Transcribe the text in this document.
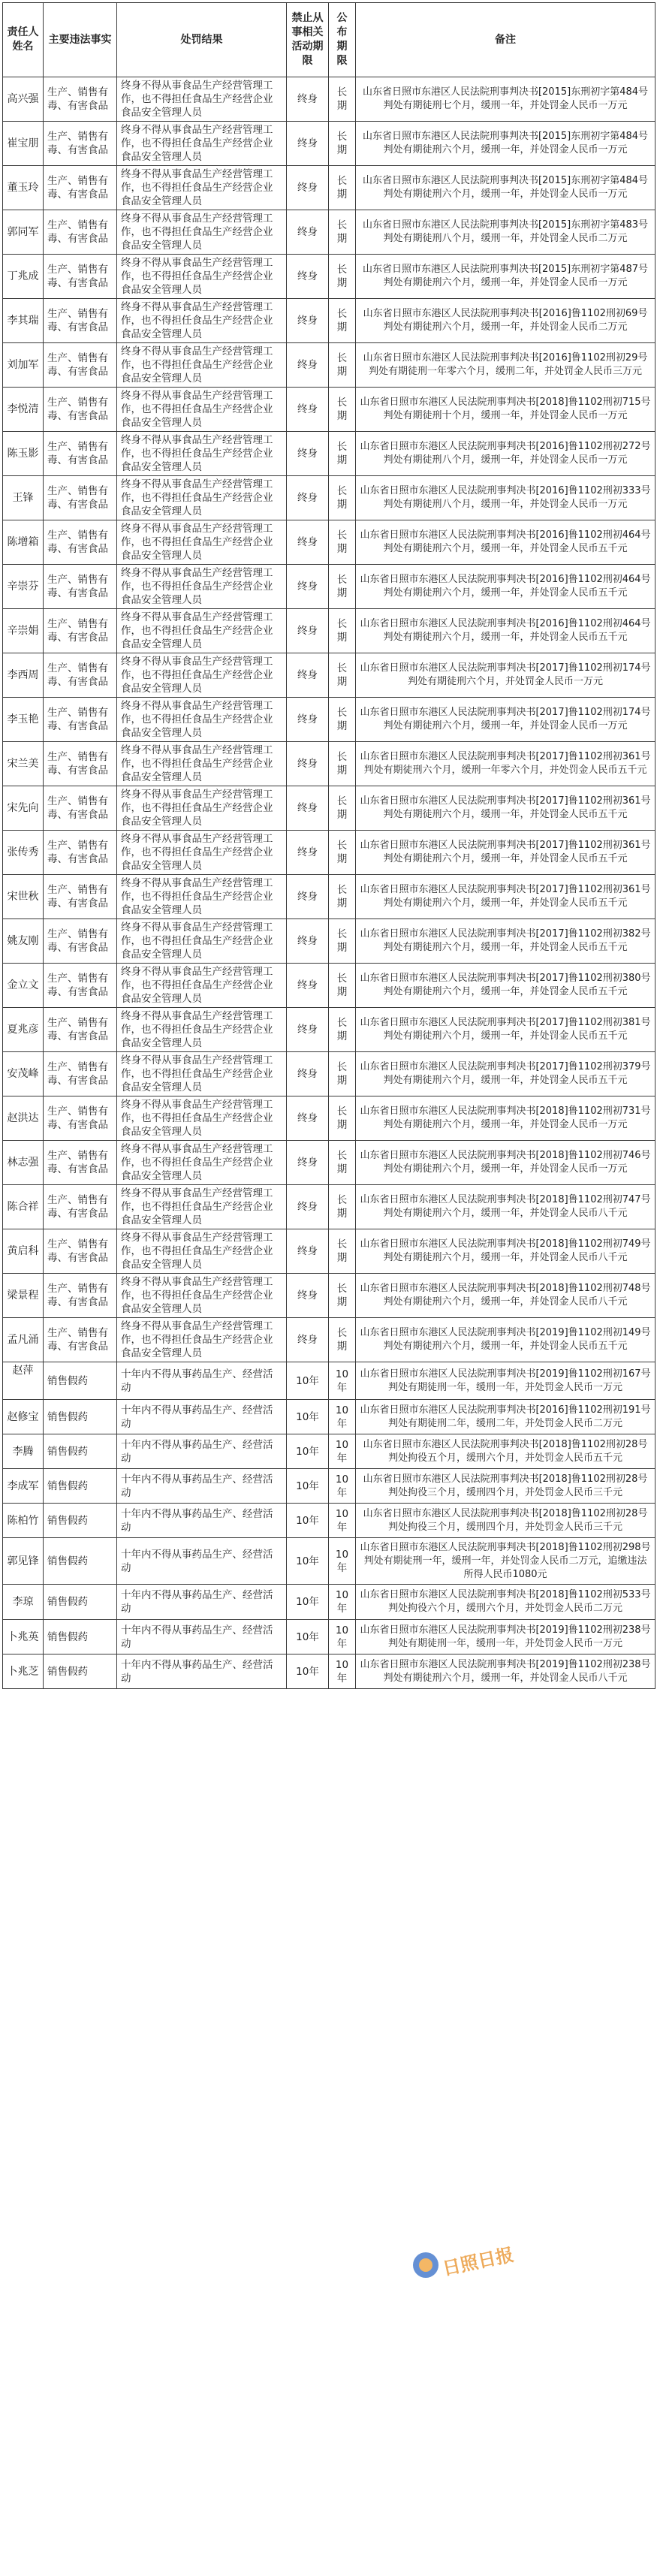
责任人姓名	主要违法事实	处罚结果	禁止从事相关活动期限	公布期限	备注
高兴强	生产、销售有毒、有害食品	终身不得从事食品生产经营管理工作，也不得担任食品生产经营企业食品安全管理人员	终身	长期	山东省日照市东港区人民法院刑事判决书[2015]东刑初字第484号判处有期徒刑七个月，缓刑一年，并处罚金人民币一万元
崔宝朋	生产、销售有毒、有害食品	终身不得从事食品生产经营管理工作，也不得担任食品生产经营企业食品安全管理人员	终身	长期	山东省日照市东港区人民法院刑事判决书[2015]东刑初字第484号判处有期徒刑六个月，缓刑一年，并处罚金人民币一万元
董玉玲	生产、销售有毒、有害食品	终身不得从事食品生产经营管理工作，也不得担任食品生产经营企业食品安全管理人员	终身	长期	山东省日照市东港区人民法院刑事判决书[2015]东刑初字第484号判处有期徒刑六个月，缓刑一年，并处罚金人民币一万元
郭同军	生产、销售有毒、有害食品	终身不得从事食品生产经营管理工作，也不得担任食品生产经营企业食品安全管理人员	终身	长期	山东省日照市东港区人民法院刑事判决书[2015]东刑初字第483号判处有期徒刑八个月，缓刑一年，并处罚金人民币二万元
丁兆成	生产、销售有毒、有害食品	终身不得从事食品生产经营管理工作，也不得担任食品生产经营企业食品安全管理人员	终身	长期	山东省日照市东港区人民法院刑事判决书[2015]东刑初字第487号判处有期徒刑六个月，缓刑一年，并处罚金人民币一万元
李其瑞	生产、销售有毒、有害食品	终身不得从事食品生产经营管理工作，也不得担任食品生产经营企业食品安全管理人员	终身	长期	山东省日照市东港区人民法院刑事判决书[2016]鲁1102刑初69号判处有期徒刑六个月，缓刑一年，并处罚金人民币二万元
刘加军	生产、销售有毒、有害食品	终身不得从事食品生产经营管理工作，也不得担任食品生产经营企业食品安全管理人员	终身	长期	山东省日照市东港区人民法院刑事判决书[2016]鲁1102刑初29号判处有期徒刑一年零六个月，缓刑二年，并处罚金人民币三万元
李悦清	生产、销售有毒、有害食品	终身不得从事食品生产经营管理工作，也不得担任食品生产经营企业食品安全管理人员	终身	长期	山东省日照市东港区人民法院刑事判决书[2018]鲁1102刑初715号判处有期徒刑十个月，缓刑一年，并处罚金人民币一万元
陈玉影	生产、销售有毒、有害食品	终身不得从事食品生产经营管理工作，也不得担任食品生产经营企业食品安全管理人员	终身	长期	山东省日照市东港区人民法院刑事判决书[2016]鲁1102刑初272号判处有期徒刑八个月，缓刑一年，并处罚金人民币一万元
王锋	生产、销售有毒、有害食品	终身不得从事食品生产经营管理工作，也不得担任食品生产经营企业食品安全管理人员	终身	长期	山东省日照市东港区人民法院刑事判决书[2016]鲁1102刑初333号判处有期徒刑八个月，缓刑一年，并处罚金人民币一万元
陈增箱	生产、销售有毒、有害食品	终身不得从事食品生产经营管理工作，也不得担任食品生产经营企业食品安全管理人员	终身	长期	山东省日照市东港区人民法院刑事判决书[2016]鲁1102刑初464号判处有期徒刑六个月，缓刑一年，并处罚金人民币五千元
辛崇芬	生产、销售有毒、有害食品	终身不得从事食品生产经营管理工作，也不得担任食品生产经营企业食品安全管理人员	终身	长期	山东省日照市东港区人民法院刑事判决书[2016]鲁1102刑初464号判处有期徒刑六个月，缓刑一年，并处罚金人民币五千元
辛崇娟	生产、销售有毒、有害食品	终身不得从事食品生产经营管理工作，也不得担任食品生产经营企业食品安全管理人员	终身	长期	山东省日照市东港区人民法院刑事判决书[2016]鲁1102刑初464号判处有期徒刑六个月，缓刑一年，并处罚金人民币五千元
李西周	生产、销售有毒、有害食品	终身不得从事食品生产经营管理工作，也不得担任食品生产经营企业食品安全管理人员	终身	长期	山东省日照市东港区人民法院刑事判决书[2017]鲁1102刑初174号判处有期徒刑六个月，并处罚金人民币一万元
李玉艳	生产、销售有毒、有害食品	终身不得从事食品生产经营管理工作，也不得担任食品生产经营企业食品安全管理人员	终身	长期	山东省日照市东港区人民法院刑事判决书[2017]鲁1102刑初174号判处有期徒刑六个月，缓刑一年，并处罚金人民币一万元
宋兰美	生产、销售有毒、有害食品	终身不得从事食品生产经营管理工作，也不得担任食品生产经营企业食品安全管理人员	终身	长期	山东省日照市东港区人民法院刑事判决书[2017]鲁1102刑初361号判处有期徒刑六个月，缓刑一年零六个月，并处罚金人民币五千元
宋先向	生产、销售有毒、有害食品	终身不得从事食品生产经营管理工作，也不得担任食品生产经营企业食品安全管理人员	终身	长期	山东省日照市东港区人民法院刑事判决书[2017]鲁1102刑初361号判处有期徒刑六个月，缓刑一年，并处罚金人民币五千元
张传秀	生产、销售有毒、有害食品	终身不得从事食品生产经营管理工作，也不得担任食品生产经营企业食品安全管理人员	终身	长期	山东省日照市东港区人民法院刑事判决书[2017]鲁1102刑初361号判处有期徒刑六个月，缓刑一年，并处罚金人民币五千元
宋世秋	生产、销售有毒、有害食品	终身不得从事食品生产经营管理工作，也不得担任食品生产经营企业食品安全管理人员	终身	长期	山东省日照市东港区人民法院刑事判决书[2017]鲁1102刑初361号判处有期徒刑六个月，缓刑一年，并处罚金人民币五千元
姚友刚	生产、销售有毒、有害食品	终身不得从事食品生产经营管理工作，也不得担任食品生产经营企业食品安全管理人员	终身	长期	山东省日照市东港区人民法院刑事判决书[2017]鲁1102刑初382号判处有期徒刑六个月，缓刑一年，并处罚金人民币五千元
金立文	生产、销售有毒、有害食品	终身不得从事食品生产经营管理工作，也不得担任食品生产经营企业食品安全管理人员	终身	长期	山东省日照市东港区人民法院刑事判决书[2017]鲁1102刑初380号判处有期徒刑六个月，缓刑一年，并处罚金人民币五千元
夏兆彦	生产、销售有毒、有害食品	终身不得从事食品生产经营管理工作，也不得担任食品生产经营企业食品安全管理人员	终身	长期	山东省日照市东港区人民法院刑事判决书[2017]鲁1102刑初381号判处有期徒刑六个月，缓刑一年，并处罚金人民币五千元
安茂峰	生产、销售有毒、有害食品	终身不得从事食品生产经营管理工作，也不得担任食品生产经营企业食品安全管理人员	终身	长期	山东省日照市东港区人民法院刑事判决书[2017]鲁1102刑初379号判处有期徒刑六个月，缓刑一年，并处罚金人民币五千元
赵洪达	生产、销售有毒、有害食品	终身不得从事食品生产经营管理工作，也不得担任食品生产经营企业食品安全管理人员	终身	长期	山东省日照市东港区人民法院刑事判决书[2018]鲁1102刑初731号判处有期徒刑六个月，缓刑一年，并处罚金人民币一万元
林志强	生产、销售有毒、有害食品	终身不得从事食品生产经营管理工作，也不得担任食品生产经营企业食品安全管理人员	终身	长期	山东省日照市东港区人民法院刑事判决书[2018]鲁1102刑初746号判处有期徒刑六个月，缓刑一年，并处罚金人民币一万元
陈合祥	生产、销售有毒、有害食品	终身不得从事食品生产经营管理工作，也不得担任食品生产经营企业食品安全管理人员	终身	长期	山东省日照市东港区人民法院刑事判决书[2018]鲁1102刑初747号判处有期徒刑六个月，缓刑一年，并处罚金人民币八千元
黄启科	生产、销售有毒、有害食品	终身不得从事食品生产经营管理工作，也不得担任食品生产经营企业食品安全管理人员	终身	长期	山东省日照市东港区人民法院刑事判决书[2018]鲁1102刑初749号判处有期徒刑六个月，缓刑一年，并处罚金人民币八千元
梁景程	生产、销售有毒、有害食品	终身不得从事食品生产经营管理工作，也不得担任食品生产经营企业食品安全管理人员	终身	长期	山东省日照市东港区人民法院刑事判决书[2018]鲁1102刑初748号判处有期徒刑六个月，缓刑一年，并处罚金人民币八千元
孟凡涌	生产、销售有毒、有害食品	终身不得从事食品生产经营管理工作，也不得担任食品生产经营企业食品安全管理人员	终身	长期	山东省日照市东港区人民法院刑事判决书[2019]鲁1102刑初149号判处有期徒刑六个月，缓刑一年，并处罚金人民币五千元
赵萍	销售假药	十年内不得从事药品生产、经营活动	10年	10年	山东省日照市东港区人民法院刑事判决书[2019]鲁1102刑初167号判处有期徒刑一年，缓刑一年，并处罚金人民币一万元
赵修宝	销售假药	十年内不得从事药品生产、经营活动	10年	10年	山东省日照市东港区人民法院刑事判决书[2016]鲁1102刑初191号判处有期徒刑二年，缓刑二年，并处罚金人民币二万元
李腾	销售假药	十年内不得从事药品生产、经营活动	10年	10年	山东省日照市东港区人民法院刑事判决书[2018]鲁1102刑初28号判处拘役五个月，缓刑六个月，并处罚金人民币五千元
李成军	销售假药	十年内不得从事药品生产、经营活动	10年	10年	山东省日照市东港区人民法院刑事判决书[2018]鲁1102刑初28号判处拘役三个月，缓刑四个月，并处罚金人民币三千元
陈柏竹	销售假药	十年内不得从事药品生产、经营活动	10年	10年	山东省日照市东港区人民法院刑事判决书[2018]鲁1102刑初28号判处拘役三个月，缓刑四个月，并处罚金人民币三千元
郭见锋	销售假药	十年内不得从事药品生产、经营活动	10年	10年	山东省日照市东港区人民法院刑事判决书[2018]鲁1102刑初298号判处有期徒刑一年，缓刑一年，并处罚金人民币二万元，追缴违法所得人民币1080元
李琼	销售假药	十年内不得从事药品生产、经营活动	10年	10年	山东省日照市东港区人民法院刑事判决书[2018]鲁1102刑初533号判处拘役六个月，缓刑六个月，并处罚金人民币二万元
卜兆英	销售假药	十年内不得从事药品生产、经营活动	10年	10年	山东省日照市东港区人民法院刑事判决书[2019]鲁1102刑初238号判处有期徒刑一年，缓刑一年，并处罚金人民币一万元
卜兆芝	销售假药	十年内不得从事药品生产、经营活动	10年	10年	山东省日照市东港区人民法院刑事判决书[2019]鲁1102刑初238号判处有期徒刑六个月，缓刑一年，并处罚金人民币八千元
日照日报
